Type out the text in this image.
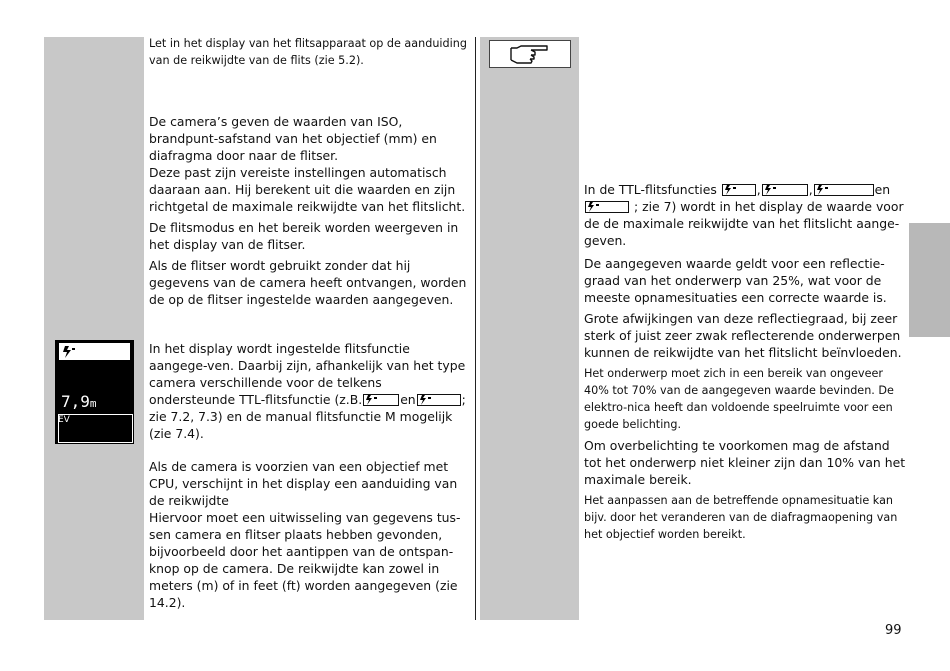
7,9m
EV
Let in het display van het flitsapparaat op de aanduiding van de reikwijdte van de flits (zie 5.2).

De camera’s geven de waarden van ISO, brandpunt-safstand van het objectief (mm) en diafragma door naar de flitser.

Deze past zijn vereiste instellingen automatisch daaraan aan. Hij berekent uit die waarden en zijn richtgetal de maximale reikwijdte van het flitslicht.

De flitsmodus en het bereik worden weergeven in het display van de flitser.

Als de flitser wordt gebruikt zonder dat hij gegevens van de camera heeft ontvangen, worden de op de flitser ingestelde waarden aangegeven.

In het display wordt ingestelde flitsfunctie aangege-ven. Daarbij zijn, afhankelijk van het type camera verschillende voor de telkens ondersteunde TTL-flitsfunctie (z.B.	en	; zie 7.2, 7.3) en de manual flitsfunctie M mogelijk (zie 7.4).

Als de camera is voorzien van een objectief met CPU, verschijnt in het display een aanduiding van de reikwijdte

Hiervoor moet een uitwisseling van gegevens tus-sen camera en flitser plaats hebben gevonden, bijvoorbeeld door het aantippen van de ontspan-knop op de camera. De reikwijdte kan zowel in meters (m) of in feet (ft) worden aangegeven (zie 14.2).

In de TTL-flitsfuncties	,	,	en
; zie 7) wordt in het display de waarde voor de de maximale reikwijdte van het flitslicht aange-geven.

De aangegeven waarde geldt voor een reflectie-graad van het onderwerp van 25%, wat voor de meeste opnamesituaties een correcte waarde is.

Grote afwijkingen van deze reflectiegraad, bij zeer sterk of juist zeer zwak reflecterende onderwerpen kunnen de reikwijdte van het flitslicht beïnvloeden.

Het onderwerp moet zich in een bereik van ongeveer 40% tot 70% van de aangegeven waarde bevinden. De elektro-nica heeft dan voldoende speelruimte voor een goede belichting.

Om overbelichting te voorkomen mag de afstand tot het onderwerp niet kleiner zijn dan 10% van het maximale bereik.

Het aanpassen aan de betreffende opnamesituatie kan bijv. door het veranderen van de diafragmaopening van het objectief worden bereikt.

99
